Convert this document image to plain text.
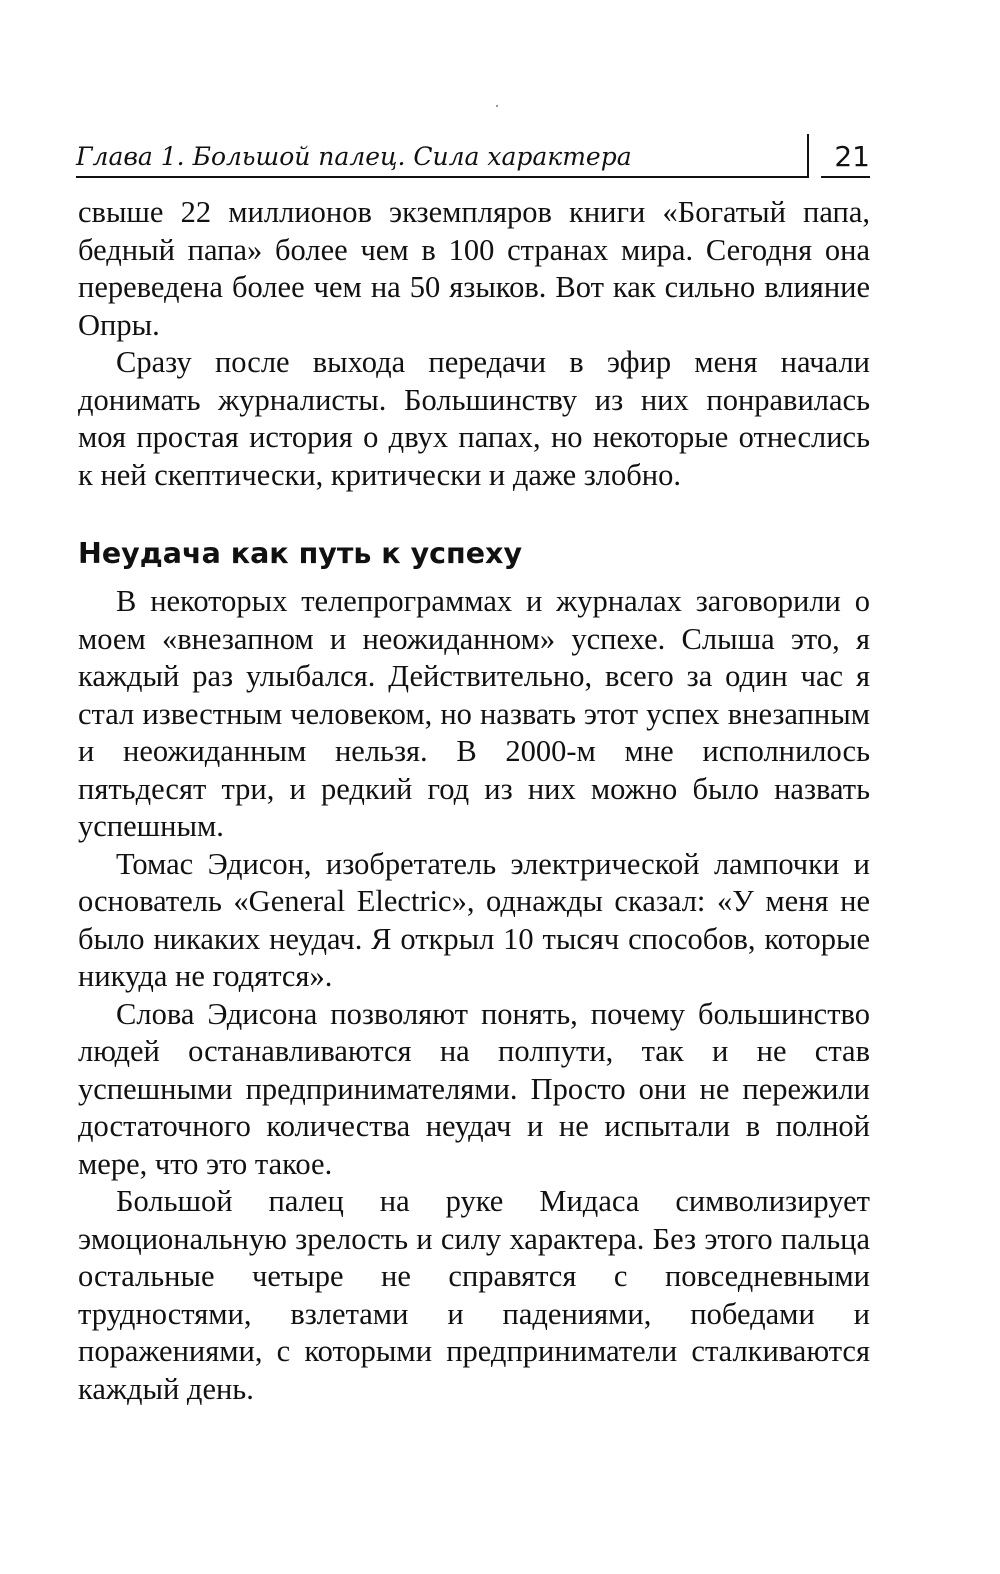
Глава 1. Большой палец. Сила характера	21

свыше 22 миллионов экземпляров книги «Богатый папа, бедный папа» более чем в 100 странах мира. Сегодня она переведена более чем на 50 языков. Вот как сильно влияние Опры.

Сразу после выхода передачи в эфир меня начали донимать журналисты. Большинству из них понравилась моя простая история о двух папах, но некоторые отнеслись к ней скептически, критически и даже злобно.

Неудача как путь к успеху

В некоторых телепрограммах и журналах заговорили о моем «внезапном и неожиданном» успехе. Слыша это, я каждый раз улыбался. Действительно, всего за один час я стал известным человеком, но назвать этот успех внезапным и неожиданным нельзя. В 2000-м мне исполнилось пятьдесят три, и редкий год из них можно было назвать успешным.

Томас Эдисон, изобретатель электрической лампочки и основатель «General Electric», однажды сказал: «У меня не было никаких неудач. Я открыл 10 тысяч способов, которые никуда не годятся».

Слова Эдисона позволяют понять, почему большинство людей останавливаются на полпути, так и не став успешными предпринимателями. Просто они не пережили достаточного количества неудач и не испытали в полной мере, что это такое.

Большой палец на руке Мидаса символизирует эмоциональную зрелость и силу характера. Без этого пальца остальные четыре не справятся с повседневными трудностями, взлетами и падениями, победами и поражениями, с которыми предприниматели сталкиваются каждый день.
